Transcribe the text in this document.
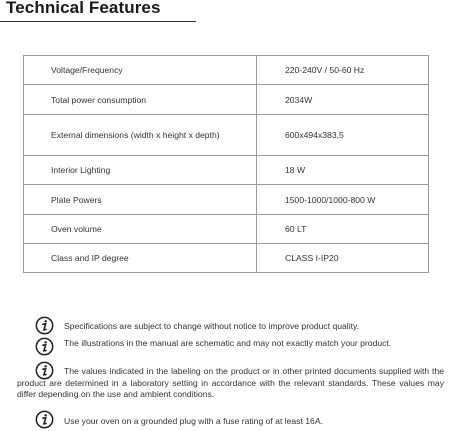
Technical Features
Voltage/Frequency	220-240V / 50-60 Hz
Total power consumption	2034W
External dimensions (width x height x depth)	600x494x383,5
Interior Lighting	18 W
Plate Powers	1500-1000/1000-800 W
Oven volume	60 LT
Class and IP degree	CLASS I-IP20
Specifications are subject to change without notice to improve product quality.
The illustrations in the manual are schematic and may not exactly match your product.
The values indicated in the labeling on the product or in other printed documents supplied with the product are determined in a laboratory setting in accordance with the relevant standards. These values may differ depending on the use and ambient conditions.
Use your oven on a grounded plug with a fuse rating of at least 16A.
